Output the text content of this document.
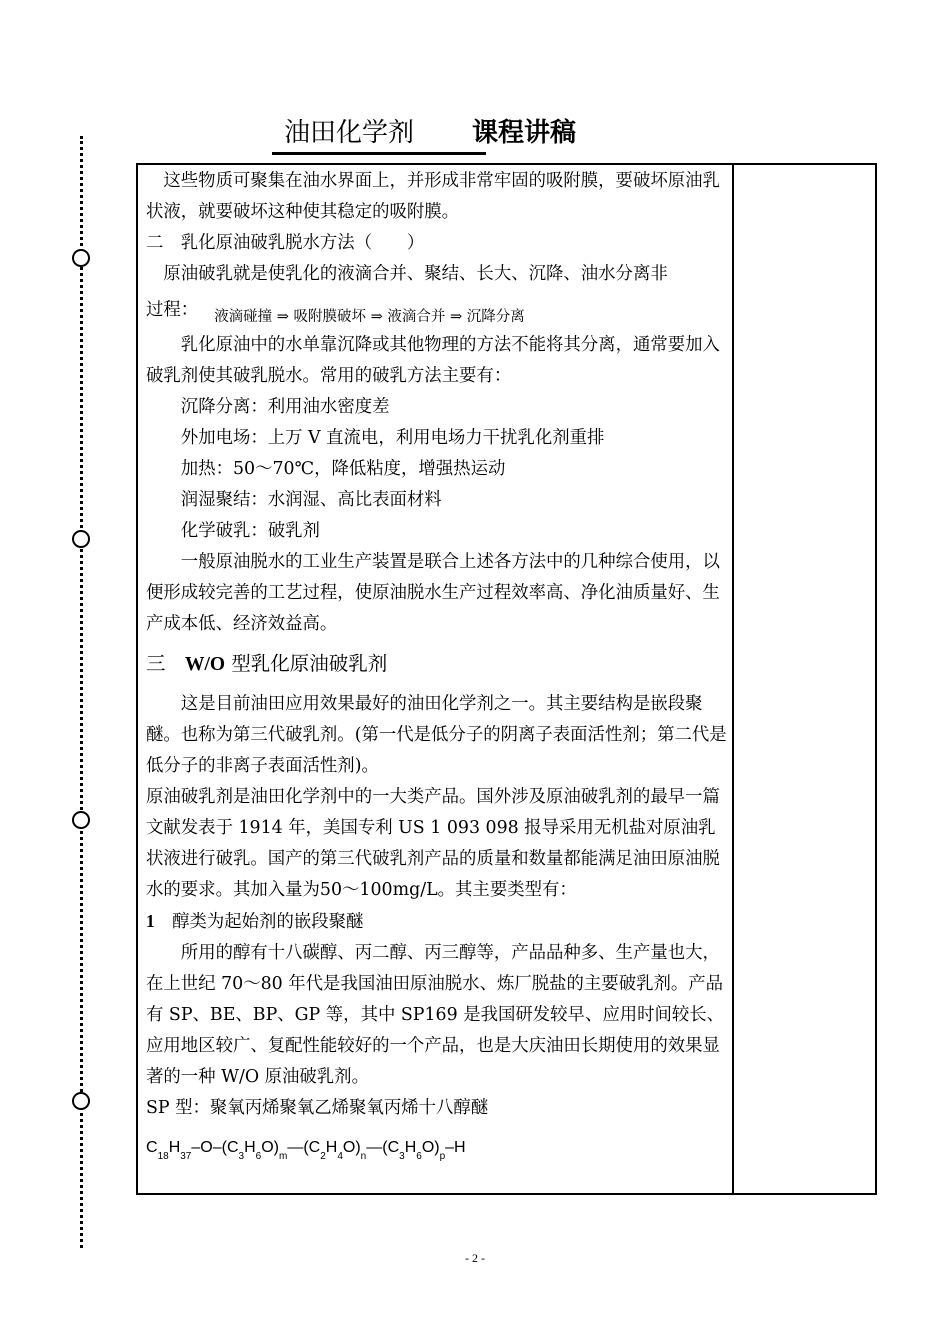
油田化学剂 课程讲稿

这些物质可聚集在油水界面上，并形成非常牢固的吸附膜，要破坏原油乳状液，就要破坏这种使其稳定的吸附膜。

二　乳化原油破乳脱水方法（　　）

原油破乳就是使乳化的液滴合并、聚结、长大、沉降、油水分离非

过程： $_{液滴碰撞 \Rightarrow 吸附膜破坏 \Rightarrow 液滴合并 \Rightarrow 沉降分离}$

乳化原油中的水单靠沉降或其他物理的方法不能将其分离，通常要加入破乳剂使其破乳脱水。常用的破乳方法主要有：

沉降分离：利用油水密度差

外加电场：上万 V 直流电，利用电场力干扰乳化剂重排

加热：50～70℃，降低粘度，增强热运动

润湿聚结：水润湿、高比表面材料

化学破乳：破乳剂

一般原油脱水的工业生产装置是联合上述各方法中的几种综合使用，以便形成较完善的工艺过程，使原油脱水生产过程效率高、净化油质量好、生产成本低、经济效益高。

三　W/O 型乳化原油破乳剂

这是目前油田应用效果最好的油田化学剂之一。其主要结构是嵌段聚醚。也称为第三代破乳剂。(第一代是低分子的阴离子表面活性剂；第二代是低分子的非离子表面活性剂)。

原油破乳剂是油田化学剂中的一大类产品。国外涉及原油破乳剂的最早一篇文献发表于 1914 年，美国专利 US 1 093 098 报导采用无机盐对原油乳状液进行破乳。国产的第三代破乳剂产品的质量和数量都能满足油田原油脱水的要求。其加入量为50～100mg/L。其主要类型有：

1　醇类为起始剂的嵌段聚醚

所用的醇有十八碳醇、丙二醇、丙三醇等，产品品种多、生产量也大，在上世纪 70～80 年代是我国油田原油脱水、炼厂脱盐的主要破乳剂。产品有 SP、BE、BP、GP 等，其中 SP169 是我国研发较早、应用时间较长、应用地区较广、复配性能较好的一个产品，也是大庆油田长期使用的效果显著的一种 W/O 原油破乳剂。

SP 型：聚氧丙烯聚氧乙烯聚氧丙烯十八醇醚

$C_{18}H_{37}-O-(C_3H_6O)_m—(C_2H_4O)_n—(C_3H_6O)_p-H$

- 2 -
